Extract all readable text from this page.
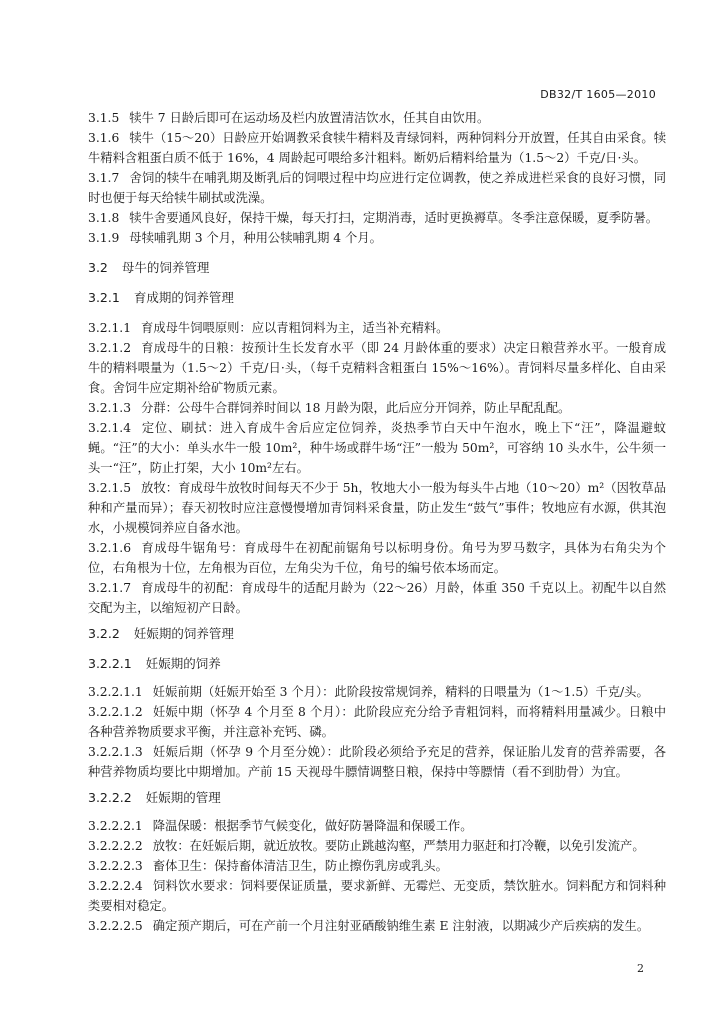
DB32/T 1605—2010

3.1.5 犊牛 7 日龄后即可在运动场及栏内放置清洁饮水，任其自由饮用。

3.1.6 犊牛（15～20）日龄应开始调教采食犊牛精料及青绿饲料，两种饲料分开放置，任其自由采食。犊牛精料含粗蛋白质不低于 16%，4 周龄起可喂给多汁粗料。断奶后精料给量为（1.5～2）千克/日·头。

3.1.7 舍饲的犊牛在哺乳期及断乳后的饲喂过程中均应进行定位调教，使之养成进栏采食的良好习惯，同时也便于每天给犊牛刷拭或洗澡。

3.1.8 犊牛舍要通风良好，保持干燥，每天打扫，定期消毒，适时更换褥草。冬季注意保暖，夏季防暑。

3.1.9 母犊哺乳期 3 个月，种用公犊哺乳期 4 个月。

3.2 母牛的饲养管理
3.2.1 育成期的饲养管理

3.2.1.1 育成母牛饲喂原则：应以青粗饲料为主，适当补充精料。

3.2.1.2 育成母牛的日粮：按预计生长发育水平（即 24 月龄体重的要求）决定日粮营养水平。一般育成牛的精料喂量为（1.5～2）千克/日·头，（每千克精料含粗蛋白 15%～16%）。青饲料尽量多样化、自由采食。舍饲牛应定期补给矿物质元素。

3.2.1.3 分群：公母牛合群饲养时间以 18 月龄为限，此后应分开饲养，防止早配乱配。

3.2.1.4 定位、刷拭：进入育成牛舍后应定位饲养，炎热季节白天中午泡水，晚上下“汪”，降温避蚊蝇。“汪”的大小：单头水牛一般 10m²，种牛场或群牛场“汪”一般为 50m²，可容纳 10 头水牛，公牛须一头一“汪”，防止打架，大小 10m²左右。

3.2.1.5 放牧：育成母牛放牧时间每天不少于 5h，牧地大小一般为每头牛占地（10～20）m²（因牧草品种和产量而异）；春天初牧时应注意慢慢增加青饲料采食量，防止发生“鼓气”事件；牧地应有水源，供其泡水，小规模饲养应自备水池。

3.2.1.6 育成母牛锯角号：育成母牛在初配前锯角号以标明身份。角号为罗马数字，具体为右角尖为个位，右角根为十位，左角根为百位，左角尖为千位，角号的编号依本场而定。

3.2.1.7 育成母牛的初配：育成母牛的适配月龄为（22～26）月龄，体重 350 千克以上。初配牛以自然交配为主，以缩短初产日龄。

3.2.2 妊娠期的饲养管理
3.2.2.1 妊娠期的饲养

3.2.2.1.1 妊娠前期（妊娠开始至 3 个月）：此阶段按常规饲养，精料的日喂量为（1～1.5）千克/头。

3.2.2.1.2 妊娠中期（怀孕 4 个月至 8 个月）：此阶段应充分给予青粗饲料，而将精料用量减少。日粮中各种营养物质要求平衡，并注意补充钙、磷。

3.2.2.1.3 妊娠后期（怀孕 9 个月至分娩）：此阶段必须给予充足的营养，保证胎儿发育的营养需要，各种营养物质均要比中期增加。产前 15 天视母牛膘情调整日粮，保持中等膘情（看不到肋骨）为宜。

3.2.2.2 妊娠期的管理

3.2.2.2.1 降温保暖：根据季节气候变化，做好防暑降温和保暖工作。

3.2.2.2.2 放牧：在妊娠后期，就近放牧。要防止跳越沟壑，严禁用力驱赶和打冷鞭，以免引发流产。

3.2.2.2.3 畜体卫生：保持畜体清洁卫生，防止擦伤乳房或乳头。

3.2.2.2.4 饲料饮水要求：饲料要保证质量，要求新鲜、无霉烂、无变质，禁饮脏水。饲料配方和饲料种类要相对稳定。

3.2.2.2.5 确定预产期后，可在产前一个月注射亚硒酸钠维生素 E 注射液，以期减少产后疾病的发生。

2
